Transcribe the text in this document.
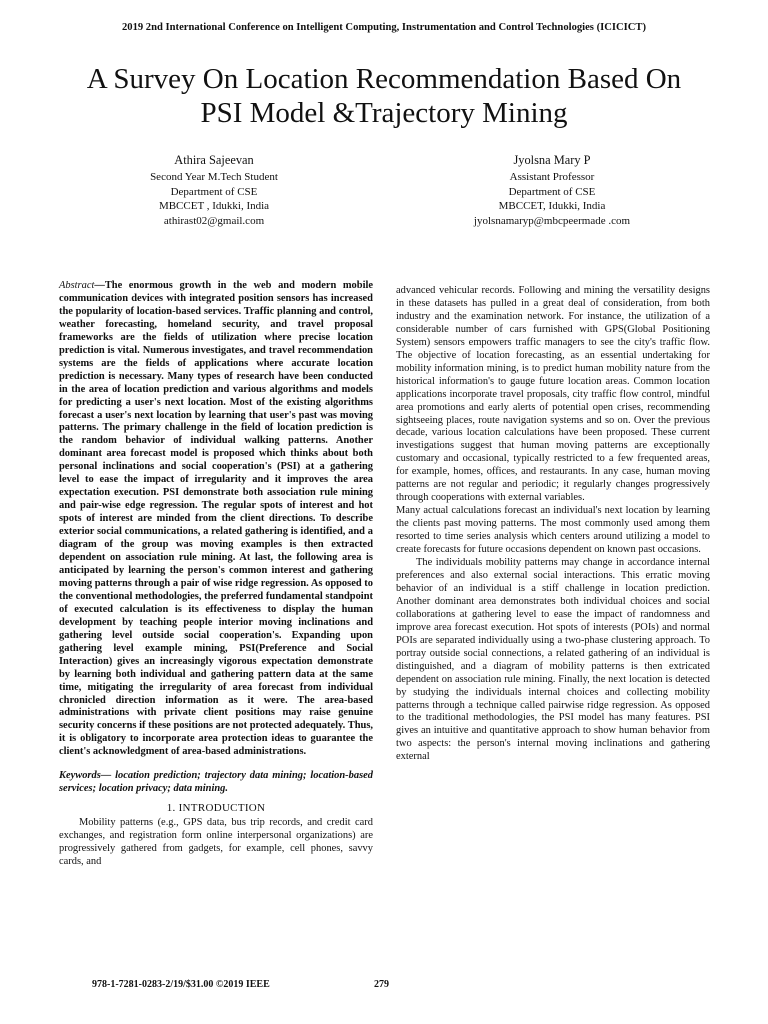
2019 2nd International Conference on Intelligent Computing, Instrumentation and Control Technologies (ICICICT)
A Survey On Location Recommendation Based On
PSI Model &Trajectory Mining
Athira Sajeevan
Second Year M.Tech Student
Department of CSE
MBCCET , Idukki, India
athirast02@gmail.com
Jyolsna Mary P
Assistant Professor
Department of CSE
MBCCET, Idukki, India
jyolsnamaryp@mbcpeermade .com

Abstract—The enormous growth in the web and modern mobile communication devices with integrated position sensors has increased the popularity of location-based services. Traffic planning and control, weather forecasting, homeland security, and travel proposal frameworks are the fields of utilization where precise location prediction is vital. Numerous investigates, and travel recommendation systems are the fields of applications where accurate location prediction is necessary. Many types of research have been conducted in the area of location prediction and various algorithms and models for predicting a user's next location. Most of the existing algorithms forecast a user's next location by learning that user's past was moving patterns. The primary challenge in the field of location prediction is the random behavior of individual walking patterns. Another dominant area forecast model is proposed which thinks about both personal inclinations and social cooperation's (PSI) at a gathering level to ease the impact of irregularity and it improves the area expectation execution. PSI demonstrate both association rule mining and pair-wise edge regression. The regular spots of interest and hot spots of interest are minded from the client directions. To describe exterior social communications, a related gathering is identified, and a diagram of the group was moving examples is then extracted dependent on association rule mining. At last, the following area is anticipated by learning the person's common interest and gathering moving patterns through a pair of wise ridge regression. As opposed to the conventional methodologies, the preferred fundamental standpoint of executed calculation is its effectiveness to display the human development by teaching people interior moving inclinations and gathering level outside social cooperation's. Expanding upon gathering level example mining, PSI(Preference and Social Interaction) gives an increasingly vigorous expectation demonstrate by learning both individual and gathering pattern data at the same time, mitigating the irregularity of area forecast from individual chronicled direction information as it were. The area-based administrations with private client positions may raise genuine security concerns if these positions are not protected adequately. Thus, it is obligatory to incorporate area protection ideas to guarantee the client's acknowledgment of area-based administrations.

Keywords— location prediction; trajectory data mining; location-based services; location privacy; data mining.

1. INTRODUCTION

Mobility patterns (e.g., GPS data, bus trip records, and credit card exchanges, and registration form online interpersonal organizations) are progressively gathered from gadgets, for example, cell phones, savvy cards, and

advanced vehicular records. Following and mining the versatility designs in these datasets has pulled in a great deal of consideration, from both industry and the examination network. For instance, the utilization of a considerable number of cars furnished with GPS(Global Positioning System) sensors empowers traffic managers to see the city's traffic flow. The objective of location forecasting, as an essential undertaking for mobility information mining, is to predict human mobility nature from the historical information's to gauge future location areas. Common location applications incorporate travel proposals, city traffic flow control, mindful area promotions and early alerts of potential open crises, recommending sightseeing places, route navigation systems and so on. Over the previous decade, various location calculations have been proposed. These current investigations suggest that human moving patterns are exceptionally customary and occasional, typically restricted to a few frequented areas, for example, homes, offices, and restaurants. In any case, human moving patterns are not regular and periodic; it regularly changes progressively through cooperations with external variables.

Many actual calculations forecast an individual's next location by learning the clients past moving patterns. The most commonly used among them resorted to time series analysis which centers around utilizing a model to create forecasts for future occasions dependent on known past occasions.

The individuals mobility patterns may change in accordance internal preferences and also external social interactions. This erratic moving behavior of an individual is a stiff challenge in location prediction. Another dominant area demonstrates both individual choices and social collaborations at gathering level to ease the impact of randomness and improve area forecast execution. Hot spots of interests (POIs) and normal POIs are separated individually using a two-phase clustering approach. To portray outside social connections, a related gathering of an individual is distinguished, and a diagram of mobility patterns is then extricated dependent on association rule mining. Finally, the next location is detected by studying the individuals internal choices and collecting mobility patterns through a technique called pairwise ridge regression. As opposed to the traditional methodologies, the PSI model has many features. PSI gives an intuitive and quantitative approach to show human behavior from two aspects: the person's internal moving inclinations and gathering external

978-1-7281-0283-2/19/$31.00 ©2019 IEEE	279
